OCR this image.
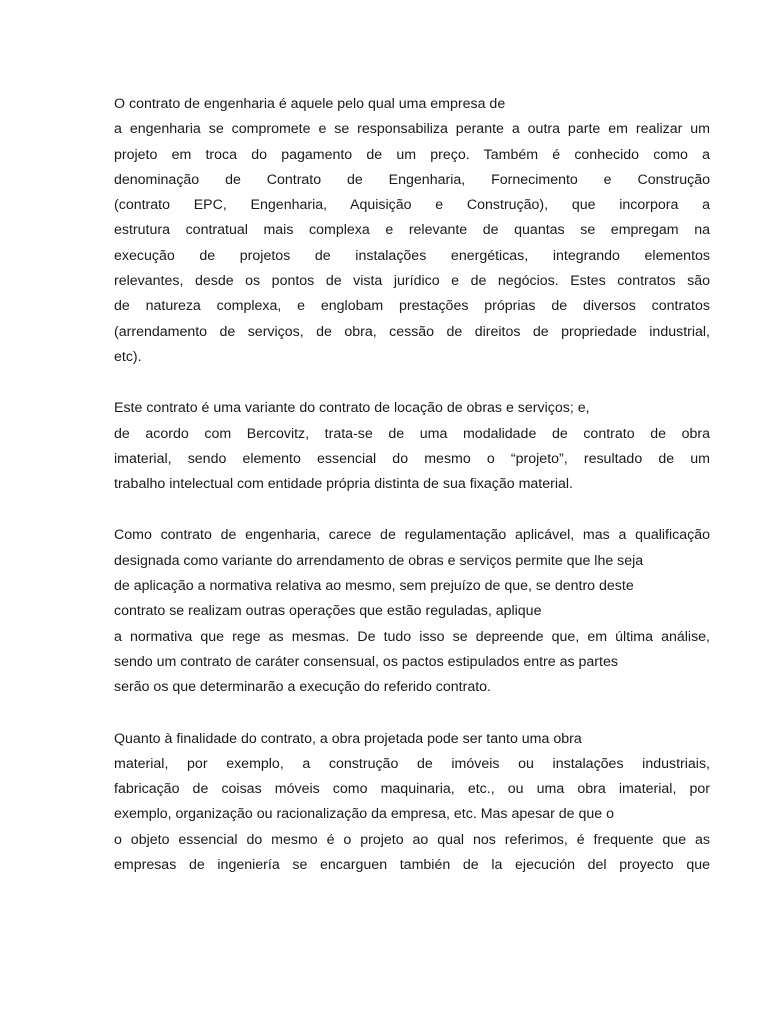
O contrato de engenharia é aquele pelo qual uma empresa de
a engenharia se compromete e se responsabiliza perante a outra parte em realizar um
projeto em troca do pagamento de um preço. Também é conhecido como a
denominação de Contrato de Engenharia, Fornecimento e Construção
(contrato EPC, Engenharia, Aquisição e Construção), que incorpora a
estrutura contratual mais complexa e relevante de quantas se empregam na
execução de projetos de instalações energéticas, integrando elementos
relevantes, desde os pontos de vista jurídico e de negócios. Estes contratos são
de natureza complexa, e englobam prestações próprias de diversos contratos
(arrendamento de serviços, de obra, cessão de direitos de propriedade industrial,
etc).
Este contrato é uma variante do contrato de locação de obras e serviços; e,
de acordo com Bercovitz, trata-se de uma modalidade de contrato de obra
imaterial, sendo elemento essencial do mesmo o “projeto”, resultado de um
trabalho intelectual com entidade própria distinta de sua fixação material.
Como contrato de engenharia, carece de regulamentação aplicável, mas a qualificação
designada como variante do arrendamento de obras e serviços permite que lhe seja
de aplicação a normativa relativa ao mesmo, sem prejuízo de que, se dentro deste
contrato se realizam outras operações que estão reguladas, aplique
a normativa que rege as mesmas. De tudo isso se depreende que, em última análise,
sendo um contrato de caráter consensual, os pactos estipulados entre as partes
serão os que determinarão a execução do referido contrato.
Quanto à finalidade do contrato, a obra projetada pode ser tanto uma obra
material, por exemplo, a construção de imóveis ou instalações industriais,
fabricação de coisas móveis como maquinaria, etc., ou uma obra imaterial, por
exemplo, organização ou racionalização da empresa, etc. Mas apesar de que o
o objeto essencial do mesmo é o projeto ao qual nos referimos, é frequente que as
empresas de ingeniería se encarguen también de la ejecución del proyecto que
